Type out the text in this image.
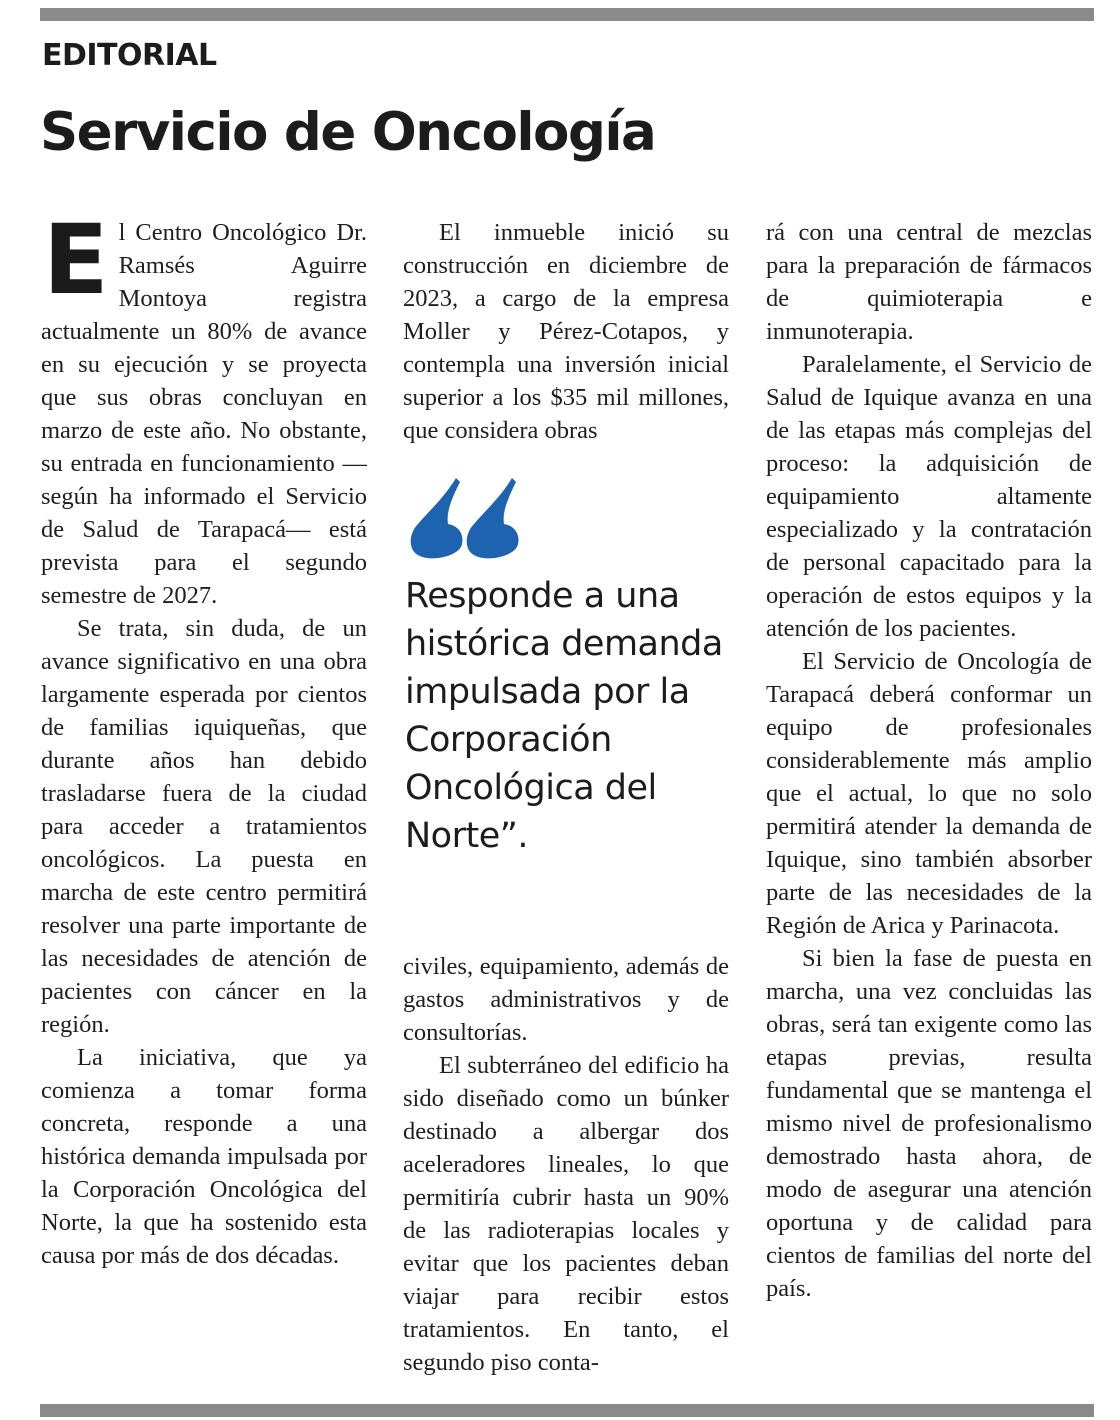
EDITORIAL
Servicio de Oncología

El Centro Oncológico Dr. Ramsés Aguirre Montoya registra actualmente un 80% de avance en su ejecución y se proyecta que sus obras concluyan en marzo de este año. No obstante, su entrada en funcionamiento —según ha informado el Servicio de Salud de Tarapacá— está prevista para el segundo semestre de 2027.

Se trata, sin duda, de un avance significativo en una obra largamente esperada por cientos de familias iquiqueñas, que durante años han debido trasladarse fuera de la ciudad para acceder a tratamientos oncológicos. La puesta en marcha de este centro permitirá resolver una parte importante de las necesidades de atención de pacientes con cáncer en la región.

La iniciativa, que ya comienza a tomar forma concreta, responde a una histórica demanda impulsada por la Corporación Oncológica del Norte, la que ha sostenido esta causa por más de dos décadas.

El inmueble inició su construcción en diciembre de 2023, a cargo de la empresa Moller y Pérez-Cotapos, y contempla una inversión inicial superior a los $35 mil millones, que considera obras

Responde a una histórica demanda impulsada por la Corporación Oncológica del Norte”.

civiles, equipamiento, además de gastos administrativos y de consultorías.

El subterráneo del edificio ha sido diseñado como un búnker destinado a albergar dos aceleradores lineales, lo que permitiría cubrir hasta un 90% de las radioterapias locales y evitar que los pacientes deban viajar para recibir estos tratamientos. En tanto, el segundo piso conta-

rá con una central de mezclas para la preparación de fármacos de quimioterapia e inmunoterapia.

Paralelamente, el Servicio de Salud de Iquique avanza en una de las etapas más complejas del proceso: la adquisición de equipamiento altamente especializado y la contratación de personal capacitado para la operación de estos equipos y la atención de los pacientes.

El Servicio de Oncología de Tarapacá deberá conformar un equipo de profesionales considerablemente más amplio que el actual, lo que no solo permitirá atender la demanda de Iquique, sino también absorber parte de las necesidades de la Región de Arica y Parinacota.

Si bien la fase de puesta en marcha, una vez concluidas las obras, será tan exigente como las etapas previas, resulta fundamental que se mantenga el mismo nivel de profesionalismo demostrado hasta ahora, de modo de asegurar una atención oportuna y de calidad para cientos de familias del norte del país.
